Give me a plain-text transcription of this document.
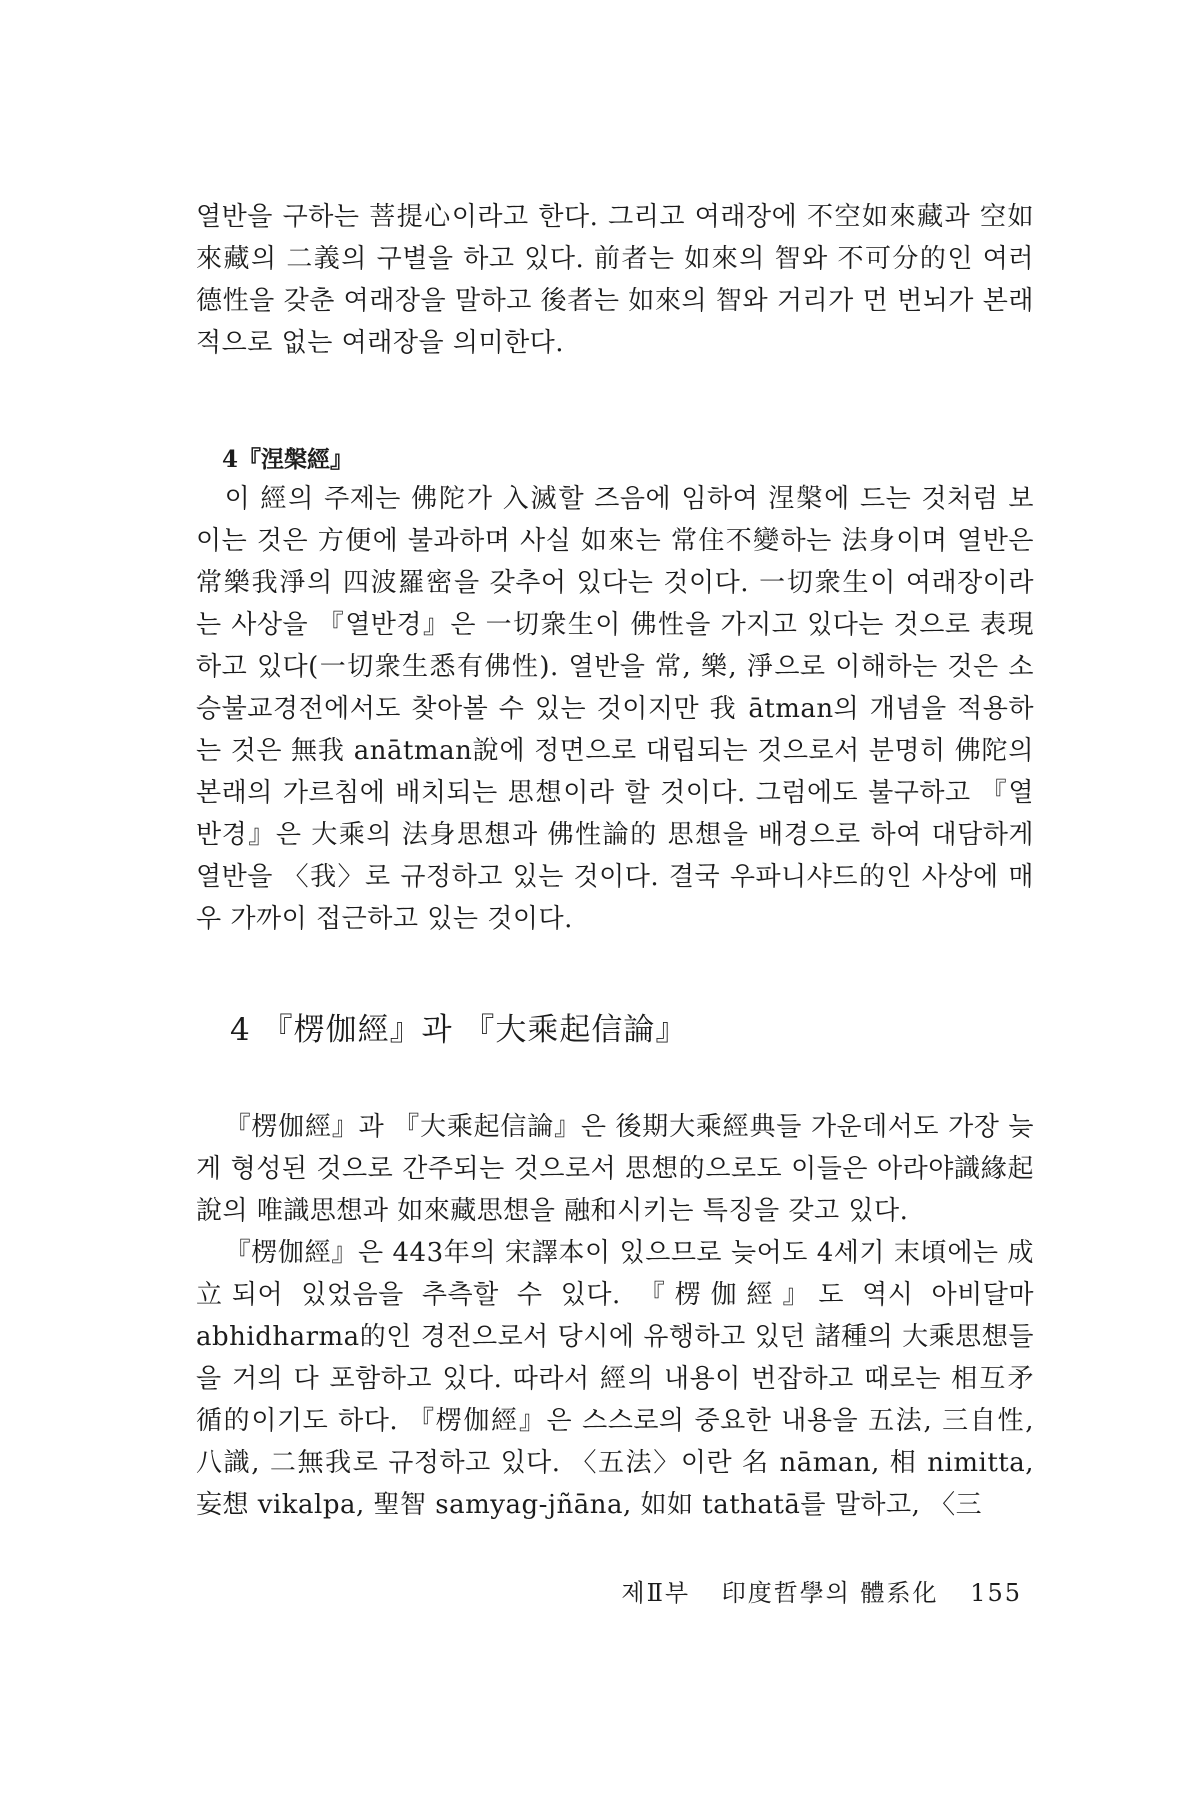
열반을 구하는 菩提心이라고 한다. 그리고 여래장에 不空如來藏과 空如來藏의 二義의 구별을 하고 있다. 前者는 如來의 智와 不可分的인 여러 德性을 갖춘 여래장을 말하고 後者는 如來의 智와 거리가 먼 번뇌가 본래적으로 없는 여래장을 의미한다.

4『涅槃經』

이 經의 주제는 佛陀가 入滅할 즈음에 임하여 涅槃에 드는 것처럼 보이는 것은 方便에 불과하며 사실 如來는 常住不變하는 法身이며 열반은 常樂我淨의 四波羅密을 갖추어 있다는 것이다. 一切衆生이 여래장이라는 사상을 『열반경』은 一切衆生이 佛性을 가지고 있다는 것으로 表現하고 있다(一切衆生悉有佛性). 열반을 常, 樂, 淨으로 이해하는 것은 소승불교경전에서도 찾아볼 수 있는 것이지만 我 ātman의 개념을 적용하는 것은 無我 anātman說에 정면으로 대립되는 것으로서 분명히 佛陀의 본래의 가르침에 배치되는 思想이라 할 것이다. 그럼에도 불구하고 『열반경』은 大乘의 法身思想과 佛性論的 思想을 배경으로 하여 대담하게 열반을 〈我〉로 규정하고 있는 것이다. 결국 우파니샤드的인 사상에 매우 가까이 접근하고 있는 것이다.

4 『楞伽經』과 『大乘起信論』

『楞伽經』과 『大乘起信論』은 後期大乘經典들 가운데서도 가장 늦게 형성된 것으로 간주되는 것으로서 思想的으로도 이들은 아라야識緣起說의 唯識思想과 如來藏思想을 融和시키는 특징을 갖고 있다.

『楞伽經』은 443年의 宋譯本이 있으므로 늦어도 4세기 末頃에는 成立되어 있었음을 추측할 수 있다. 『楞伽經』도 역시 아비달마 abhidharma的인 경전으로서 당시에 유행하고 있던 諸種의 大乘思想들을 거의 다 포함하고 있다. 따라서 經의 내용이 번잡하고 때로는 相互矛循的이기도 하다. 『楞伽經』은 스스로의 중요한 내용을 五法, 三自性, 八識, 二無我로 규정하고 있다. 〈五法〉이란 名 nāman, 相 nimitta, 妄想 vikalpa, 聖智 samyag-jñāna, 如如 tathatā를 말하고, 〈三

제Ⅱ부 印度哲學의 體系化 155
